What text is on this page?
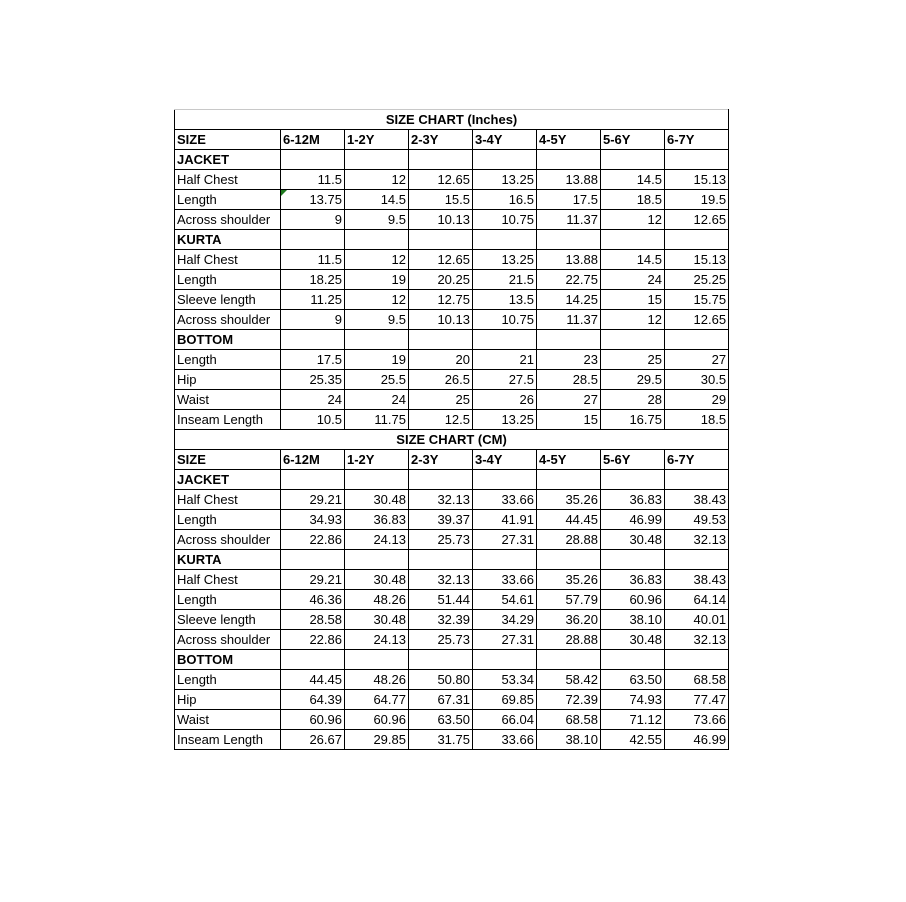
SIZE CHART (Inches)							
SIZE	6-12M	1-2Y	2-3Y	3-4Y	4-5Y	5-6Y	6-7Y
JACKET							
Half Chest	11.5	12	12.65	13.25	13.88	14.5	15.13
Length	13.75	14.5	15.5	16.5	17.5	18.5	19.5
Across shoulder	9	9.5	10.13	10.75	11.37	12	12.65
KURTA							
Half Chest	11.5	12	12.65	13.25	13.88	14.5	15.13
Length	18.25	19	20.25	21.5	22.75	24	25.25
Sleeve length	11.25	12	12.75	13.5	14.25	15	15.75
Across shoulder	9	9.5	10.13	10.75	11.37	12	12.65
BOTTOM							
Length	17.5	19	20	21	23	25	27
Hip	25.35	25.5	26.5	27.5	28.5	29.5	30.5
Waist	24	24	25	26	27	28	29
Inseam Length	10.5	11.75	12.5	13.25	15	16.75	18.5
SIZE CHART (CM)							
SIZE	6-12M	1-2Y	2-3Y	3-4Y	4-5Y	5-6Y	6-7Y
JACKET							
Half Chest	29.21	30.48	32.13	33.66	35.26	36.83	38.43
Length	34.93	36.83	39.37	41.91	44.45	46.99	49.53
Across shoulder	22.86	24.13	25.73	27.31	28.88	30.48	32.13
KURTA							
Half Chest	29.21	30.48	32.13	33.66	35.26	36.83	38.43
Length	46.36	48.26	51.44	54.61	57.79	60.96	64.14
Sleeve length	28.58	30.48	32.39	34.29	36.20	38.10	40.01
Across shoulder	22.86	24.13	25.73	27.31	28.88	30.48	32.13
BOTTOM							
Length	44.45	48.26	50.80	53.34	58.42	63.50	68.58
Hip	64.39	64.77	67.31	69.85	72.39	74.93	77.47
Waist	60.96	60.96	63.50	66.04	68.58	71.12	73.66
Inseam Length	26.67	29.85	31.75	33.66	38.10	42.55	46.99
